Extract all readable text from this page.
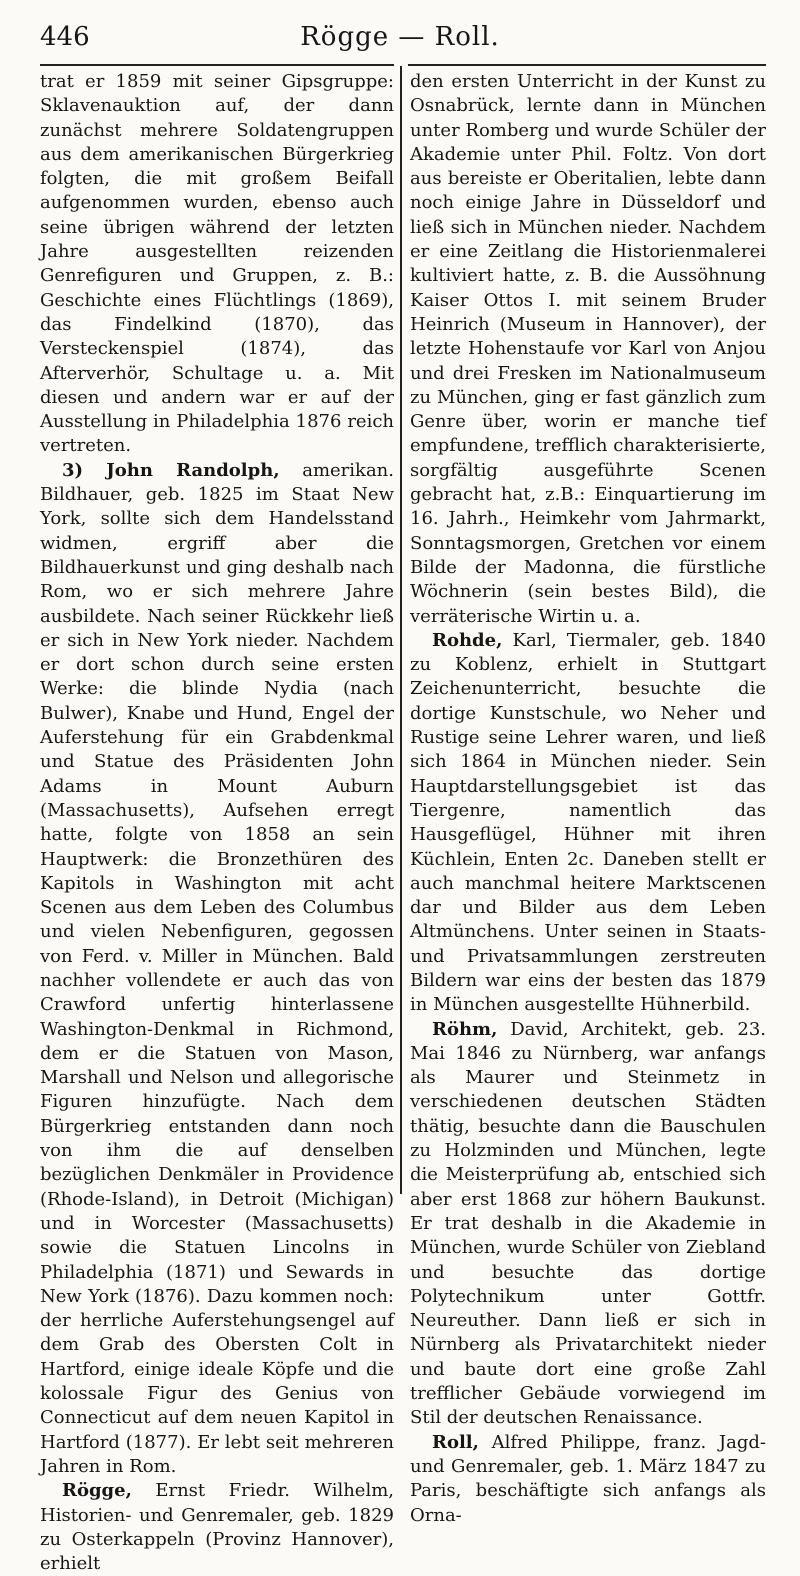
446	Rögge — Roll.

trat er 1859 mit seiner Gipsgruppe: Sklavenauktion auf, der dann zunächst mehrere Soldatengruppen aus dem amerikanischen Bürgerkrieg folgten, die mit großem Beifall aufgenommen wurden, ebenso auch seine übrigen während der letzten Jahre ausgestellten reizenden Genrefiguren und Gruppen, z. B.: Geschichte eines Flüchtlings (1869), das Findelkind (1870), das Versteckenspiel (1874), das Afterverhör, Schultage u. a. Mit diesen und andern war er auf der Ausstellung in Philadelphia 1876 reich vertreten.

3) John Randolph, amerikan. Bildhauer, geb. 1825 im Staat New York, sollte sich dem Handelsstand widmen, ergriff aber die Bildhauerkunst und ging deshalb nach Rom, wo er sich mehrere Jahre ausbildete. Nach seiner Rückkehr ließ er sich in New York nieder. Nachdem er dort schon durch seine ersten Werke: die blinde Nydia (nach Bulwer), Knabe und Hund, Engel der Auferstehung für ein Grabdenkmal und Statue des Präsidenten John Adams in Mount Auburn (Massachusetts), Aufsehen erregt hatte, folgte von 1858 an sein Hauptwerk: die Bronzethüren des Kapitols in Washington mit acht Scenen aus dem Leben des Columbus und vielen Nebenfiguren, gegossen von Ferd. v. Miller in München. Bald nachher vollendete er auch das von Crawford unfertig hinterlassene Washington-Denkmal in Richmond, dem er die Statuen von Mason, Marshall und Nelson und allegorische Figuren hinzufügte. Nach dem Bürgerkrieg entstanden dann noch von ihm die auf denselben bezüglichen Denkmäler in Providence (Rhode-Island), in Detroit (Michigan) und in Worcester (Massachusetts) sowie die Statuen Lincolns in Philadelphia (1871) und Sewards in New York (1876). Dazu kommen noch: der herrliche Auferstehungsengel auf dem Grab des Obersten Colt in Hartford, einige ideale Köpfe und die kolossale Figur des Genius von Connecticut auf dem neuen Kapitol in Hartford (1877). Er lebt seit mehreren Jahren in Rom.

Rögge, Ernst Friedr. Wilhelm, Historien- und Genremaler, geb. 1829 zu Osterkappeln (Provinz Hannover), erhielt

den ersten Unterricht in der Kunst zu Osnabrück, lernte dann in München unter Romberg und wurde Schüler der Akademie unter Phil. Foltz. Von dort aus bereiste er Oberitalien, lebte dann noch einige Jahre in Düsseldorf und ließ sich in München nieder. Nachdem er eine Zeitlang die Historienmalerei kultiviert hatte, z. B. die Aussöhnung Kaiser Ottos I. mit seinem Bruder Heinrich (Museum in Hannover), der letzte Hohenstaufe vor Karl von Anjou und drei Fresken im Nationalmuseum zu München, ging er fast gänzlich zum Genre über, worin er manche tief empfundene, trefflich charakterisierte, sorgfältig ausgeführte Scenen gebracht hat, z.B.: Einquartierung im 16. Jahrh., Heimkehr vom Jahrmarkt, Sonntagsmorgen, Gretchen vor einem Bilde der Madonna, die fürstliche Wöchnerin (sein bestes Bild), die verräterische Wirtin u. a.

Rohde, Karl, Tiermaler, geb. 1840 zu Koblenz, erhielt in Stuttgart Zeichenunterricht, besuchte die dortige Kunstschule, wo Neher und Rustige seine Lehrer waren, und ließ sich 1864 in München nieder. Sein Hauptdarstellungsgebiet ist das Tiergenre, namentlich das Hausgeflügel, Hühner mit ihren Küchlein, Enten 2c. Daneben stellt er auch manchmal heitere Marktscenen dar und Bilder aus dem Leben Altmünchens. Unter seinen in Staats- und Privatsammlungen zerstreuten Bildern war eins der besten das 1879 in München ausgestellte Hühnerbild.

Röhm, David, Architekt, geb. 23. Mai 1846 zu Nürnberg, war anfangs als Maurer und Steinmetz in verschiedenen deutschen Städten thätig, besuchte dann die Bauschulen zu Holzminden und München, legte die Meisterprüfung ab, entschied sich aber erst 1868 zur höhern Baukunst. Er trat deshalb in die Akademie in München, wurde Schüler von Ziebland und besuchte das dortige Polytechnikum unter Gottfr. Neureuther. Dann ließ er sich in Nürnberg als Privatarchitekt nieder und baute dort eine große Zahl trefflicher Gebäude vorwiegend im Stil der deutschen Renaissance.

Roll, Alfred Philippe, franz. Jagd- und Genremaler, geb. 1. März 1847 zu Paris, beschäftigte sich anfangs als Orna-
